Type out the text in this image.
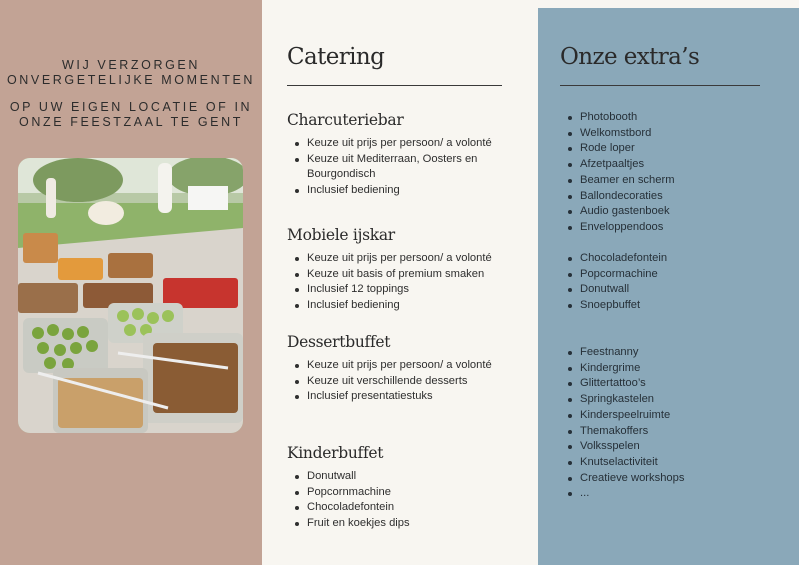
WIJ VERZORGEN ONVERGETELIJKE MOMENTEN
OP UW EIGEN LOCATIE OF IN ONZE FEESTZAAL TE GENT
Catering
Charcuteriebar
Keuze uit prijs per persoon/ a volonté
Keuze uit Mediterraan, Oosters en Bourgondisch
Inclusief bediening
Mobiele ijskar
Keuze uit prijs per persoon/ a volonté
Keuze uit basis of premium smaken
Inclusief 12 toppings
Inclusief bediening
Dessertbuffet
Keuze uit prijs per persoon/ a volonté
Keuze uit verschillende desserts
Inclusief presentatiestuks
Kinderbuffet
Donutwall
Popcornmachine
Chocoladefontein
Fruit en koekjes dips
Onze extra’s
Photobooth
Welkomstbord
Rode loper
Afzetpaaltjes
Beamer en scherm
Ballondecoraties
Audio gastenboek
Enveloppendoos
Chocoladefontein
Popcormachine
Donutwall
Snoepbuffet
Feestnanny
Kindergrime
Glittertattoo’s
Springkastelen
Kinderspeelruimte
Themakoffers
Volksspelen
Knutselactiviteit
Creatieve workshops
...
